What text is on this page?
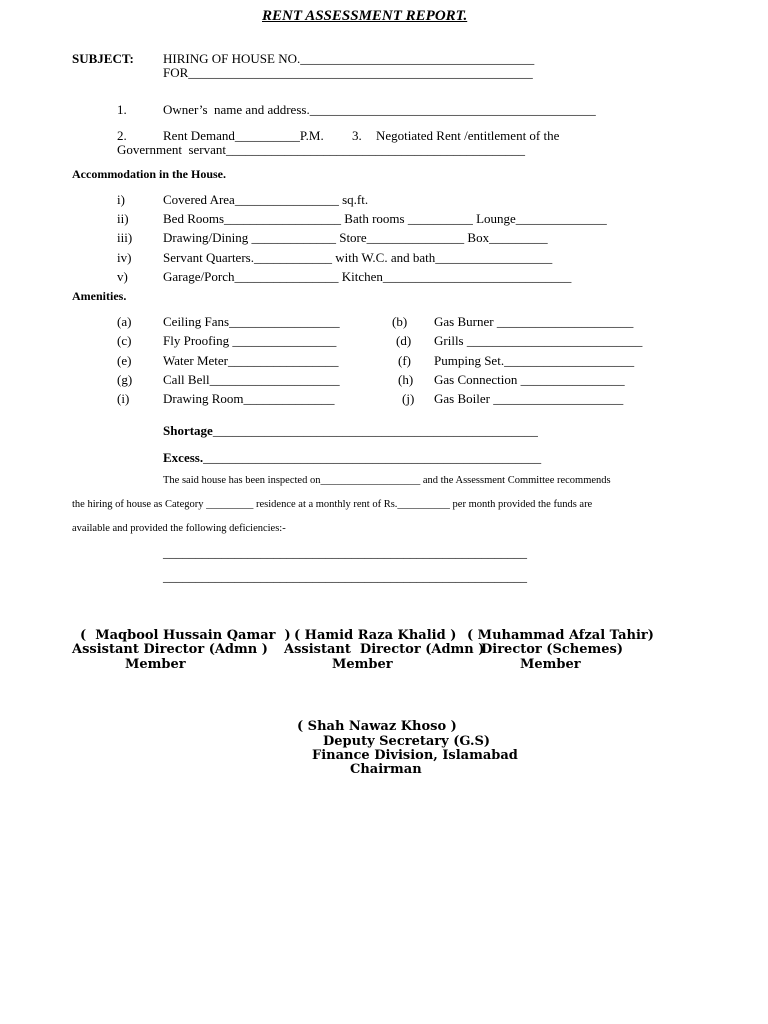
RENT ASSESSMENT REPORT.
SUBJECT: HIRING OF HOUSE NO.____________________________________
FOR_____________________________________________________
1.	Owner’s  name and address.____________________________________________
2.	Rent Demand__________P.M. 3. Negotiated Rent /entitlement of the
Government  servant______________________________________________
Accommodation in the House.
i)	Covered Area________________ sq.ft.
ii)	Bed Rooms__________________ Bath rooms __________ Lounge______________
iii) Drawing/Dining _____________ Store_______________ Box_________
iv) Servant Quarters.____________ with W.C. and bath__________________
v)	Garage/Porch________________ Kitchen_____________________________
Amenities.
(a) Ceiling Fans_________________	(b) Gas Burner _____________________
(c) Fly Proofing ________________	(d) Grills ___________________________
(e) Water Meter_________________	(f) Pumping Set.____________________
(g) Call Bell____________________	(h) Gas Connection ________________
(i)	Drawing Room______________	(j) Gas Boiler ____________________
Shortage__________________________________________________
Excess.____________________________________________________
The said house has been inspected on___________________ and the Assessment Committee recommends
the hiring of house as Category _________ residence at a monthly rent of Rs.__________ per month provided the funds are
available and provided the following deficiencies:-
________________________________________________________
________________________________________________________
(  Maqbool Hussain Qamar  )
Assistant Director (Admn )
Member
( Hamid Raza Khalid )
Assistant  Director (Admn )
Member
( Muhammad Afzal Tahir)
Director (Schemes)
Member
( Shah Nawaz Khoso )
Deputy Secretary (G.S)
Finance Division, Islamabad
Chairman
